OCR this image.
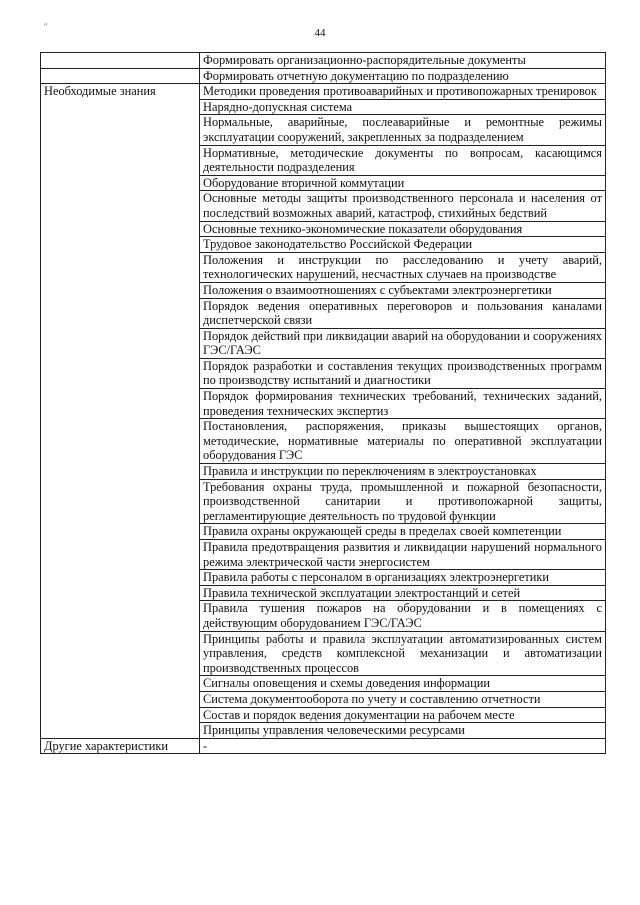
"
44
	Формировать организационно-распорядительные документы
	Формировать отчетную документацию по подразделению
Необходимые знания	Методики проведения противоаварийных и противопожарных тренировок
	Нарядно-допускная система
	Нормальные, аварийные, послеаварийные и ремонтные режимы эксплуатации сооружений, закрепленных за подразделением
	Нормативные, методические документы по вопросам, касающимся деятельности подразделения
	Оборудование вторичной коммутации
	Основные методы защиты производственного персонала и населения от последствий возможных аварий, катастроф, стихийных бедствий
	Основные технико-экономические показатели оборудования
	Трудовое законодательство Российской Федерации
	Положения и инструкции по расследованию и учету аварий, технологических нарушений, несчастных случаев на производстве
	Положения о взаимоотношениях с субъектами электроэнергетики
	Порядок ведения оперативных переговоров и пользования каналами диспетчерской связи
	Порядок действий при ликвидации аварий на оборудовании и сооружениях ГЭС/ГАЭС
	Порядок разработки и составления текущих производственных программ по производству испытаний и диагностики
	Порядок формирования технических требований, технических заданий, проведения технических экспертиз
	Постановления, распоряжения, приказы вышестоящих органов, методические, нормативные материалы по оперативной эксплуатации оборудования ГЭС
	Правила и инструкции по переключениям в электроустановках
	Требования охраны труда, промышленной и пожарной безопасности, производственной санитарии и противопожарной защиты, регламентирующие деятельность по трудовой функции
	Правила охраны окружающей среды в пределах своей компетенции
	Правила предотвращения развития и ликвидации нарушений нормального режима электрической части энергосистем
	Правила работы с персоналом в организациях электроэнергетики
	Правила технической эксплуатации электростанций и сетей
	Правила тушения пожаров на оборудовании и в помещениях с действующим оборудованием ГЭС/ГАЭС
	Принципы работы и правила эксплуатации автоматизированных систем управления, средств комплексной механизации и автоматизации производственных процессов
	Сигналы оповещения и схемы доведения информации
	Система документооборота по учету и составлению отчетности
	Состав и порядок ведения документации на рабочем месте
	Принципы управления человеческими ресурсами
Другие характеристики	-
